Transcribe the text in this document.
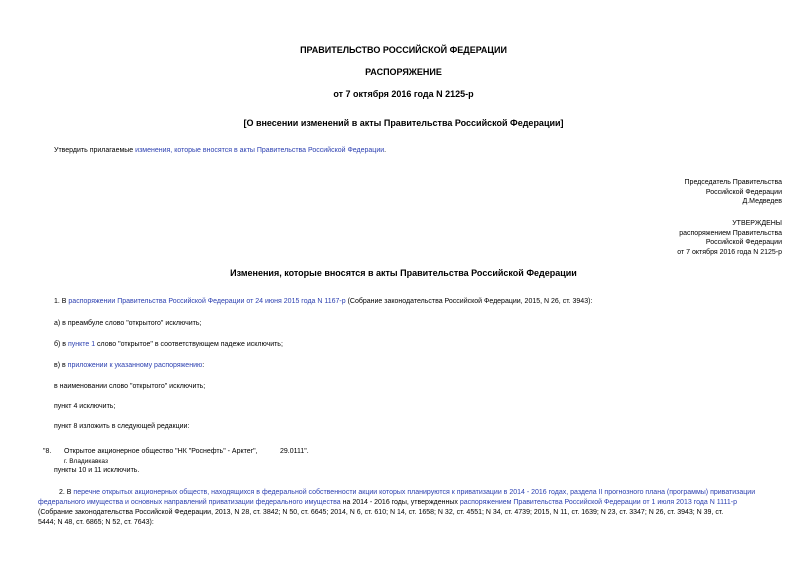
ПРАВИТЕЛЬСТВО РОССИЙСКОЙ ФЕДЕРАЦИИ
РАСПОРЯЖЕНИЕ
от 7 октября 2016 года N 2125-р
[О внесении изменений в акты Правительства Российской Федерации]
Утвердить прилагаемые изменения, которые вносятся в акты Правительства Российской Федерации.
Председатель Правительства
Российской Федерации
Д.Медведев
УТВЕРЖДЕНЫ
распоряжением Правительства
Российской Федерации
от 7 октября 2016 года N 2125-р
Изменения, которые вносятся в акты Правительства Российской Федерации
1. В распоряжении Правительства Российской Федерации от 24 июня 2015 года N 1167-р (Собрание законодательства Российской Федерации, 2015, N 26, ст. 3943):
а) в преамбуле слово "открытого" исключить;
б) в пункте 1 слово "открытое" в соответствующем падеже исключить;
в) в приложении к указанному распоряжению:
в наименовании слово "открытого" исключить;
пункт 4 исключить;
пункт 8 изложить в следующей редакции:
"8. Открытое акционерное общество "НК "Роснефть" - Арктег",
г. Владикавказ
29.0111".
пункты 10 и 11 исключить.
2. В перечне открытых акционерных обществ, находящихся в федеральной собственности акции которых планируются к приватизации в 2014 - 2016 годах, раздела II прогнозного плана (программы) приватизации
федерального имущества и основных направлений приватизации федерального имущества на 2014 - 2016 годы, утвержденных распоряжением Правительства Российской Федерации от 1 июля 2013 года N 1111-р
(Собрание законодательства Российской Федерации, 2013, N 28, ст. 3842; N 50, ст. 6645; 2014, N 6, ст. 610; N 14, ст. 1658; N 32, ст. 4551; N 34, ст. 4739; 2015, N 11, ст. 1639; N 23, ст. 3347; N 26, ст. 3943; N 39, ст.
5444; N 48, ст. 6865; N 52, ст. 7643):
